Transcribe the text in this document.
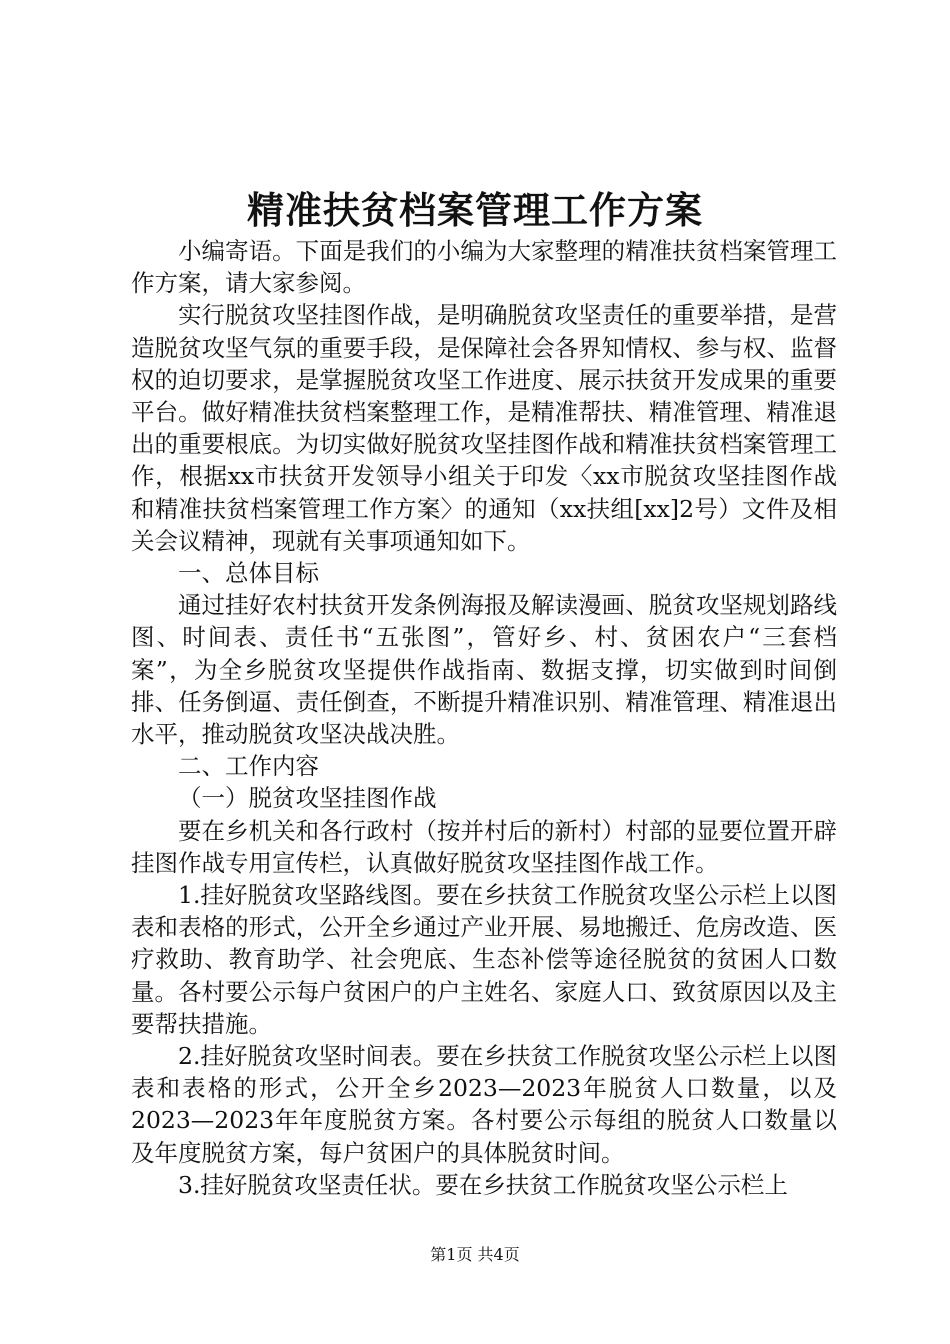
精准扶贫档案管理工作方案

小编寄语。下面是我们的小编为大家整理的精准扶贫档案管理工作方案，请大家参阅。

实行脱贫攻坚挂图作战，是明确脱贫攻坚责任的重要举措，是营造脱贫攻坚气氛的重要手段，是保障社会各界知情权、参与权、监督权的迫切要求，是掌握脱贫攻坚工作进度、展示扶贫开发成果的重要平台。做好精准扶贫档案整理工作，是精准帮扶、精准管理、精准退出的重要根底。为切实做好脱贫攻坚挂图作战和精准扶贫档案管理工作，根据xx市扶贫开发领导小组关于印发〈xx市脱贫攻坚挂图作战和精准扶贫档案管理工作方案〉的通知（xx扶组[xx]2号）文件及相关会议精神，现就有关事项通知如下。

一、总体目标

通过挂好农村扶贫开发条例海报及解读漫画、脱贫攻坚规划路线图、时间表、责任书“五张图”，管好乡、村、贫困农户“三套档案”，为全乡脱贫攻坚提供作战指南、数据支撑，切实做到时间倒排、任务倒逼、责任倒查，不断提升精准识别、精准管理、精准退出水平，推动脱贫攻坚决战决胜。

二、工作内容

（一）脱贫攻坚挂图作战

要在乡机关和各行政村（按并村后的新村）村部的显要位置开辟挂图作战专用宣传栏，认真做好脱贫攻坚挂图作战工作。

1.挂好脱贫攻坚路线图。要在乡扶贫工作脱贫攻坚公示栏上以图表和表格的形式，公开全乡通过产业开展、易地搬迁、危房改造、医疗救助、教育助学、社会兜底、生态补偿等途径脱贫的贫困人口数量。各村要公示每户贫困户的户主姓名、家庭人口、致贫原因以及主要帮扶措施。

2.挂好脱贫攻坚时间表。要在乡扶贫工作脱贫攻坚公示栏上以图表和表格的形式，公开全乡2023—2023年脱贫人口数量，以及2023—2023年年度脱贫方案。各村要公示每组的脱贫人口数量以及年度脱贫方案，每户贫困户的具体脱贫时间。

3.挂好脱贫攻坚责任状。要在乡扶贫工作脱贫攻坚公示栏上

第1页 共4页
